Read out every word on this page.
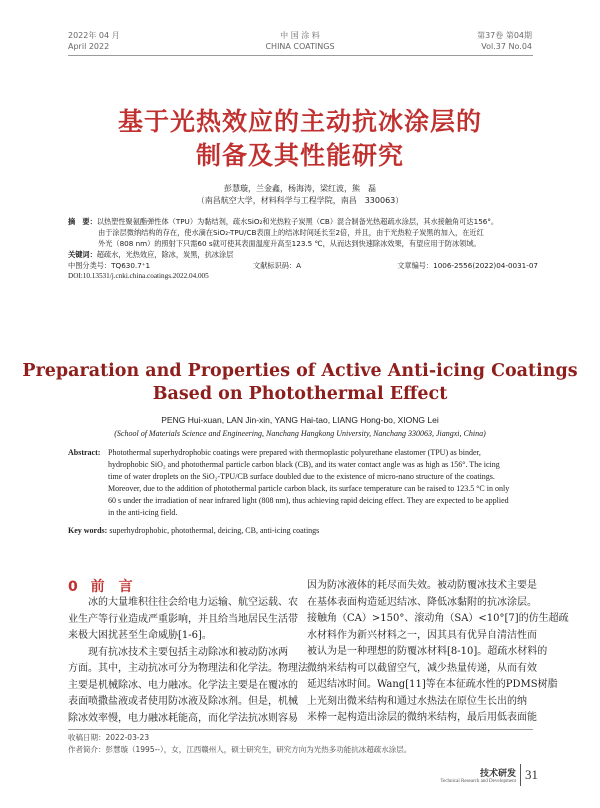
2022年 04 月
April 2022
中 国 涂 料
CHINA COATINGS
第37卷 第04期
Vol.37 No.04
基于光热效应的主动抗冰涂层的
制备及其性能研究
彭慧璇，兰金鑫，杨海涛，梁红波，熊　磊
（南昌航空大学，材料科学与工程学院，南昌　330063）
摘　要： 以热塑性聚氨酯弹性体（TPU）为黏结剂，疏水SiO₂和光热粒子炭黑（CB）混合制备光热超疏水涂层，其水接触角可达156°。
由于涂层微纳结构的存在，使水滴在SiO₂-TPU/CB表面上的结冰时间延长至2倍，并且，由于光热粒子炭黑的加入，在近红
外光（808 nm）的照射下只需60 s就可使其表面温度升高至123.5 ℃，从而达到快速除冰效果，有望应用于防冰领域。
关键词：超疏水，光热效应，除冰，炭黑，抗冰涂层
中图分类号：TQ630.7⁺1	文献标识码：A	文章编号：1006-2556(2022)04-0031-07
DOI:10.13531/j.cnki.china.coatings.2022.04.005
Preparation and Properties of Active Anti-icing Coatings
Based on Photothermal Effect
PENG Hui-xuan, LAN Jin-xin, YANG Hai-tao, LIANG Hong-bo, XIONG Lei
(School of Materials Science and Engineering, Nanchang Hangkong University, Nanchang 330063, Jiangxi, China)
Abstract: Photothermal superhydrophobic coatings were prepared with thermoplastic polyurethane elastomer (TPU) as binder,
hydrophobic SiO₂ and photothermal particle carbon black (CB), and its water contact angle was as high as 156°. The icing
time of water droplets on the SiO₂-TPU/CB surface doubled due to the existence of micro-nano structure of the coatings.
Moreover, due to the addition of photothermal particle carbon black, its surface temperature can be raised to 123.5 °C in only
60 s under the irradiation of near infrared light (808 nm), thus achieving rapid deicing effect. They are expected to be applied
in the anti-icing field.
Key words: superhydrophobic, photothermal, deicing, CB, anti-icing coatings
0 前　言
　　冰的大量堆积往往会给电力运输、航空运载、农
业生产等行业造成严重影响，并且给当地居民生活带
来极大困扰甚至生命威胁[1-6]。
　　现有抗冰技术主要包括主动除冰和被动防冰两
方面。其中，主动抗冰可分为物理法和化学法。物理法
主要是机械除冰、电力融冰。化学法主要是在覆冰的
表面喷撒盐液或者使用防冰液及除冰剂。但是，机械
除冰效率慢，电力融冰耗能高，而化学法抗冰则容易
因为防冰液体的耗尽而失效。被动防覆冰技术主要是
在基体表面构造延迟结冰、降低冰黏附的抗冰涂层。
接触角（CA）>150°、滚动角（SA）<10°[7]的仿生超疏
水材料作为新兴材料之一，因其具有优异自清洁性而
被认为是一种理想的防覆冰材料[8-10]。超疏水材料的
微纳米结构可以截留空气，减少热量传递，从而有效
延迟结冰时间。Wang[11]等在本征疏水性的PDMS树脂
上光刻出微米结构和通过水热法在原位生长出的纳
米棒一起构造出涂层的微纳米结构，最后用低表面能
收稿日期：2022-03-23
作者简介：彭慧璇（1995--），女，江西赣州人，硕士研究生，研究方向为光热多功能抗冰超疏水涂层。
技术研发
Technical Research and Development 31
